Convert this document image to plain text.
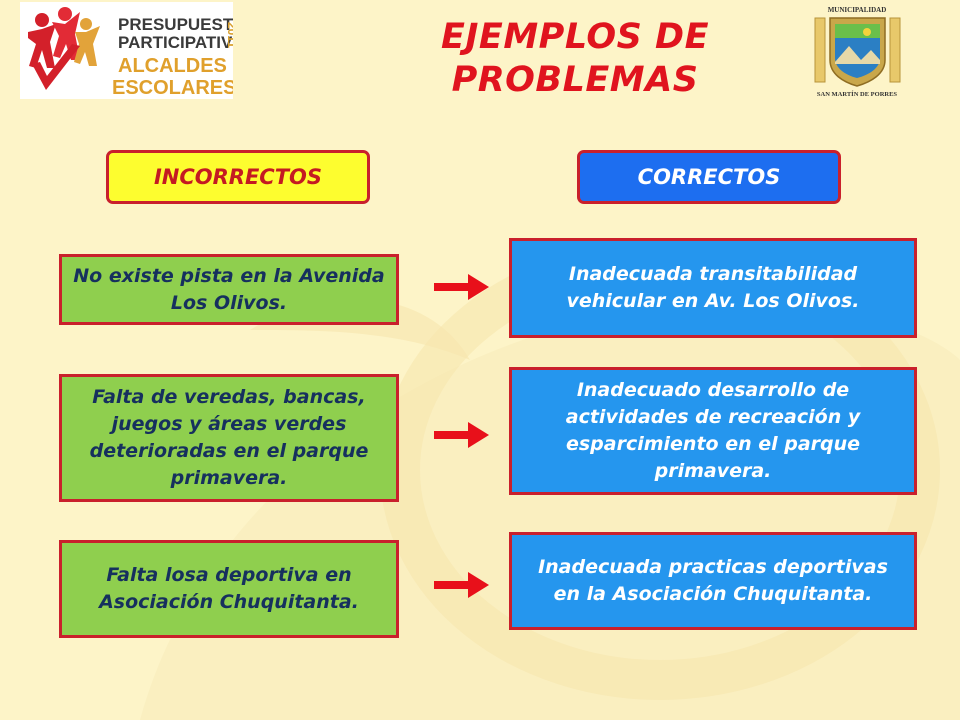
PRESUPUEST
PARTICIPATIVO
2011
ALCALDES
ESCOLARES
EJEMPLOS DE
PROBLEMAS
MUNICIPALIDAD
SAN MARTÍN DE PORRES
INCORRECTOS	CORRECTOS
No existe pista en la Avenida Los Olivos.
Inadecuada transitabilidad vehicular en Av. Los Olivos.
Falta de veredas, bancas, juegos y áreas verdes deterioradas en el parque primavera.
Inadecuado desarrollo de actividades de recreación y esparcimiento en el parque primavera.
Falta losa deportiva en Asociación Chuquitanta.
Inadecuada practicas deportivas en la Asociación Chuquitanta.
